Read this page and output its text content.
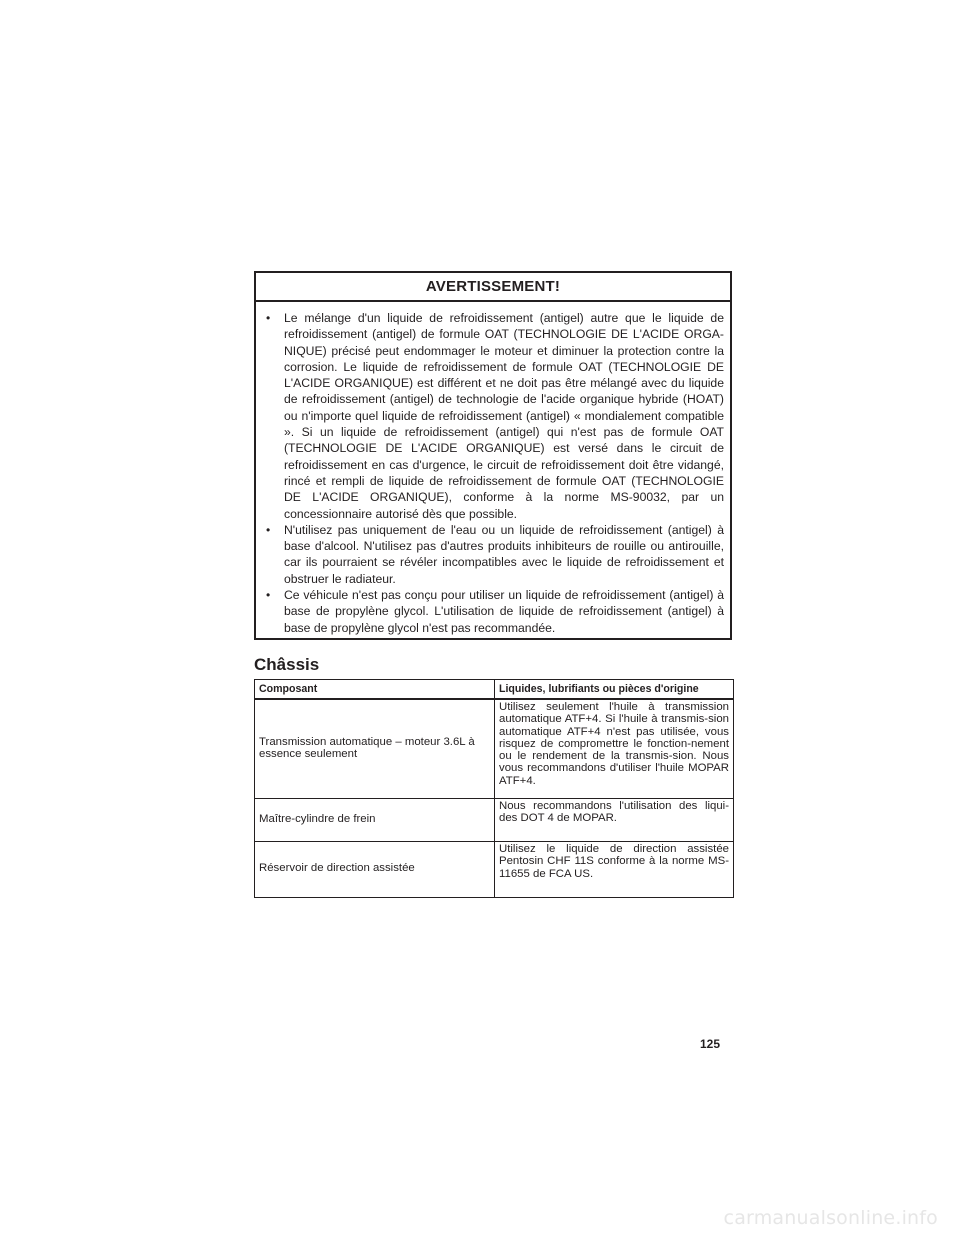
AVERTISSEMENT!
• Le mélange d'un liquide de refroidissement (antigel) autre que le liquide de refroidissement (antigel) de formule OAT (TECHNOLOGIE DE L'ACIDE ORGA-NIQUE) précisé peut endommager le moteur et diminuer la protection contre la corrosion. Le liquide de refroidissement de formule OAT (TECHNOLOGIE DE L'ACIDE ORGANIQUE) est différent et ne doit pas être mélangé avec du liquide de refroidissement (antigel) de technologie de l'acide organique hybride (HOAT) ou n'importe quel liquide de refroidissement (antigel) « mondialement compatible ». Si un liquide de refroidissement (antigel) qui n'est pas de formule OAT (TECHNOLOGIE DE L'ACIDE ORGANIQUE) est versé dans le circuit de refroidissement en cas d'urgence, le circuit de refroidissement doit être vidangé, rincé et rempli de liquide de refroidissement de formule OAT (TECHNOLOGIE DE L'ACIDE ORGANIQUE), conforme à la norme MS-90032, par un concessionnaire autorisé dès que possible.
• N'utilisez pas uniquement de l'eau ou un liquide de refroidissement (antigel) à base d'alcool. N'utilisez pas d'autres produits inhibiteurs de rouille ou antirouille, car ils pourraient se révéler incompatibles avec le liquide de refroidissement et obstruer le radiateur.
• Ce véhicule n'est pas conçu pour utiliser un liquide de refroidissement (antigel) à base de propylène glycol. L'utilisation de liquide de refroidissement (antigel) à base de propylène glycol n'est pas recommandée.
Châssis
Composant	Liquides, lubrifiants ou pièces d'origine
Transmission automatique – moteur 3.6L à essence seulement	Utilisez seulement l'huile à transmission automatique ATF+4. Si l'huile à transmis-sion automatique ATF+4 n'est pas utilisée, vous risquez de compromettre le fonction-nement ou le rendement de la transmis-sion. Nous vous recommandons d'utiliser l'huile MOPAR ATF+4.
Maître-cylindre de frein	Nous recommandons l'utilisation des liqui-des DOT 4 de MOPAR.
Réservoir de direction assistée	Utilisez le liquide de direction assistée Pentosin CHF 11S conforme à la norme MS-11655 de FCA US.
125
carmanualsonline.info
